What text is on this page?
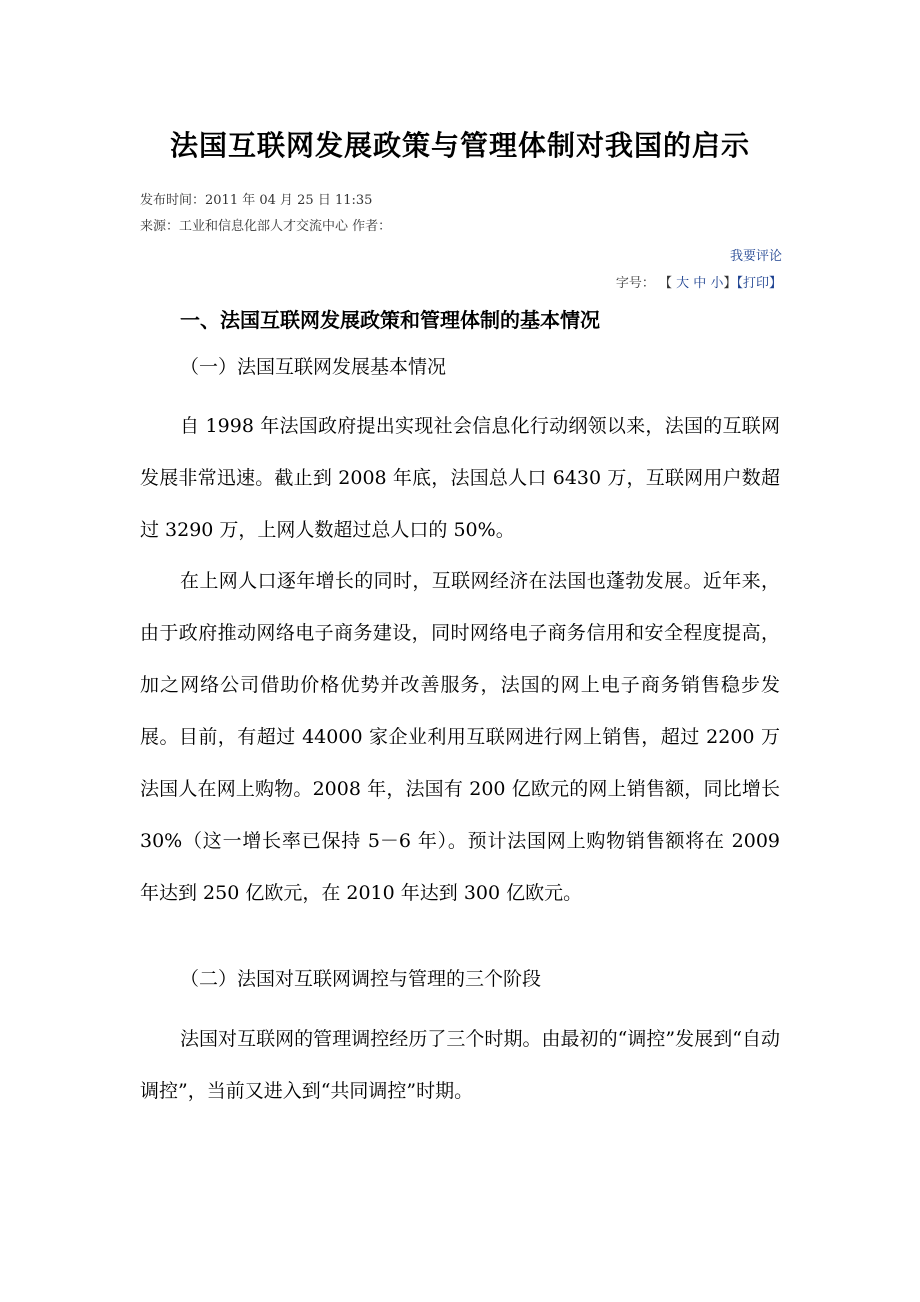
法国互联网发展政策与管理体制对我国的启示
发布时间：2011 年 04 月 25 日 11:35
来源：工业和信息化部人才交流中心 作者：
我要评论
字号： 【 大 中 小】【打印】
一、法国互联网发展政策和管理体制的基本情况
（一）法国互联网发展基本情况

自 1998 年法国政府提出实现社会信息化行动纲领以来，法国的互联网发展非常迅速。截止到 2008 年底，法国总人口 6430 万，互联网用户数超过 3290 万，上网人数超过总人口的 50%。

在上网人口逐年增长的同时，互联网经济在法国也蓬勃发展。近年来，由于政府推动网络电子商务建设，同时网络电子商务信用和安全程度提高，加之网络公司借助价格优势并改善服务，法国的网上电子商务销售稳步发展。目前，有超过 44000 家企业利用互联网进行网上销售，超过 2200 万法国人在网上购物。2008 年，法国有 200 亿欧元的网上销售额，同比增长 30%（这一增长率已保持 5－6 年）。预计法国网上购物销售额将在 2009 年达到 250 亿欧元，在 2010 年达到 300 亿欧元。

（二）法国对互联网调控与管理的三个阶段

法国对互联网的管理调控经历了三个时期。由最初的“调控”发展到“自动调控”，当前又进入到“共同调控”时期。
